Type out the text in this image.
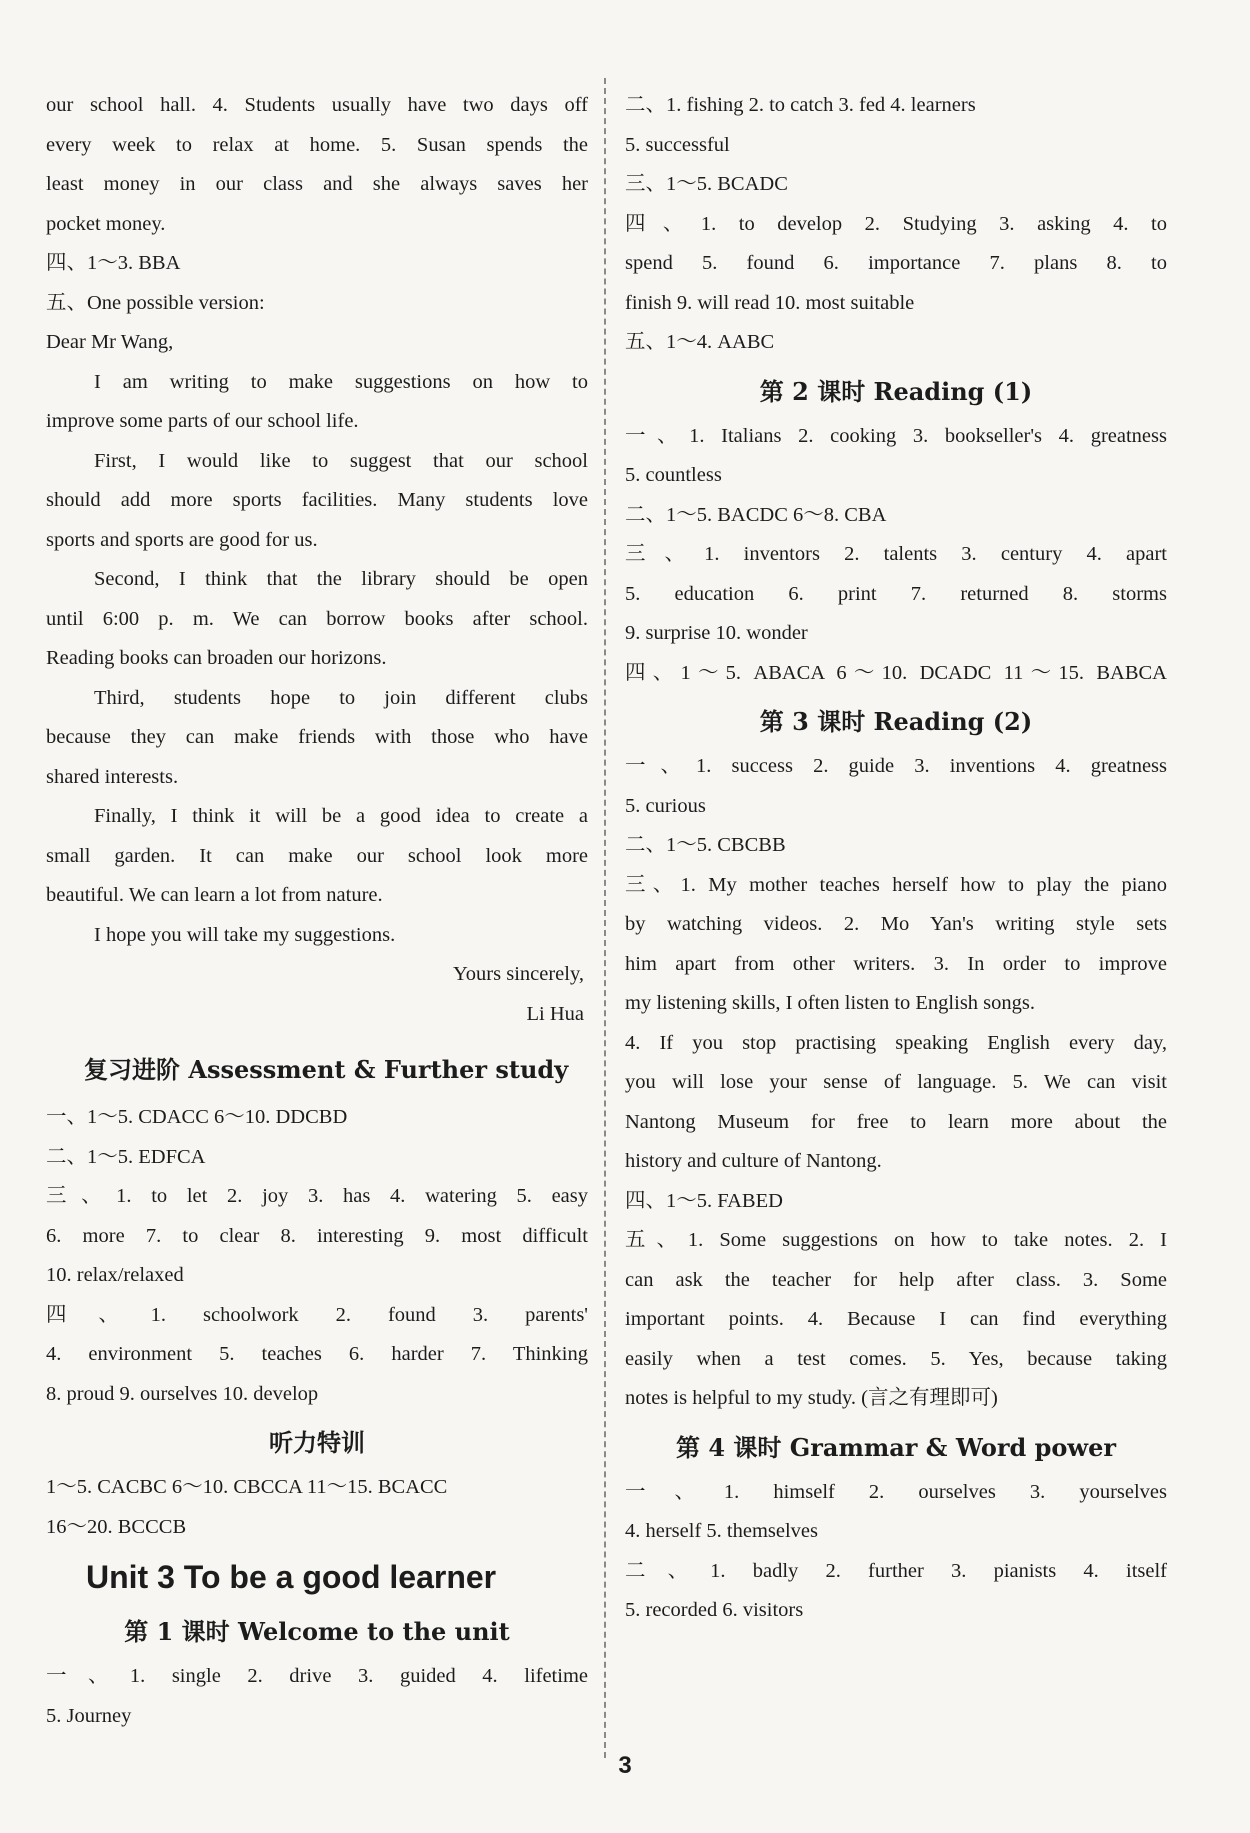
our school hall. 4. Students usually have two days off
every week to relax at home. 5. Susan spends the
least money in our class and she always saves her
pocket money.
四、1～3. BBA
五、One possible version:
Dear Mr Wang,
I am writing to make suggestions on how to
improve some parts of our school life.
First, I would like to suggest that our school
should add more sports facilities. Many students love
sports and sports are good for us.
Second, I think that the library should be open
until 6:00 p. m. We can borrow books after school.
Reading books can broaden our horizons.
Third, students hope to join different clubs
because they can make friends with those who have
shared interests.
Finally, I think it will be a good idea to create a
small garden. It can make our school look more
beautiful. We can learn a lot from nature.
I hope you will take my suggestions.
Yours sincerely,
Li Hua
复习进阶 Assessment & Further study
一、1～5. CDACC 6～10. DDCBD
二、1～5. EDFCA
三、1. to let 2. joy 3. has 4. watering 5. easy
6. more 7. to clear 8. interesting 9. most difficult
10. relax/relaxed
四、1. schoolwork 2. found 3. parents'
4. environment 5. teaches 6. harder 7. Thinking
8. proud 9. ourselves 10. develop
听力特训
1～5. CACBC 6～10. CBCCA 11～15. BCACC
16～20. BCCCB
Unit 3 To be a good learner
第 1 课时 Welcome to the unit
一、1. single 2. drive 3. guided 4. lifetime
5. Journey
二、1. fishing 2. to catch 3. fed 4. learners
5. successful
三、1～5. BCADC
四、1. to develop 2. Studying 3. asking 4. to
spend 5. found 6. importance 7. plans 8. to
finish 9. will read 10. most suitable
五、1～4. AABC
第 2 课时 Reading (1)
一、1. Italians 2. cooking 3. bookseller's 4. greatness
5. countless
二、1～5. BACDC 6～8. CBA
三、1. inventors 2. talents 3. century 4. apart
5. education 6. print 7. returned 8. storms
9. surprise 10. wonder
四、1～5. ABACA 6～10. DCADC 11～15. BABCA
第 3 课时 Reading (2)
一、1. success 2. guide 3. inventions 4. greatness
5. curious
二、1～5. CBCBB
三、1. My mother teaches herself how to play the piano
by watching videos. 2. Mo Yan's writing style sets
him apart from other writers. 3. In order to improve
my listening skills, I often listen to English songs.
4. If you stop practising speaking English every day,
you will lose your sense of language. 5. We can visit
Nantong Museum for free to learn more about the
history and culture of Nantong.
四、1～5. FABED
五、1. Some suggestions on how to take notes. 2. I
can ask the teacher for help after class. 3. Some
important points. 4. Because I can find everything
easily when a test comes. 5. Yes, because taking
notes is helpful to my study. (言之有理即可)
第 4 课时 Grammar & Word power
一、1. himself 2. ourselves 3. yourselves
4. herself 5. themselves
二、1. badly 2. further 3. pianists 4. itself
5. recorded 6. visitors
3
